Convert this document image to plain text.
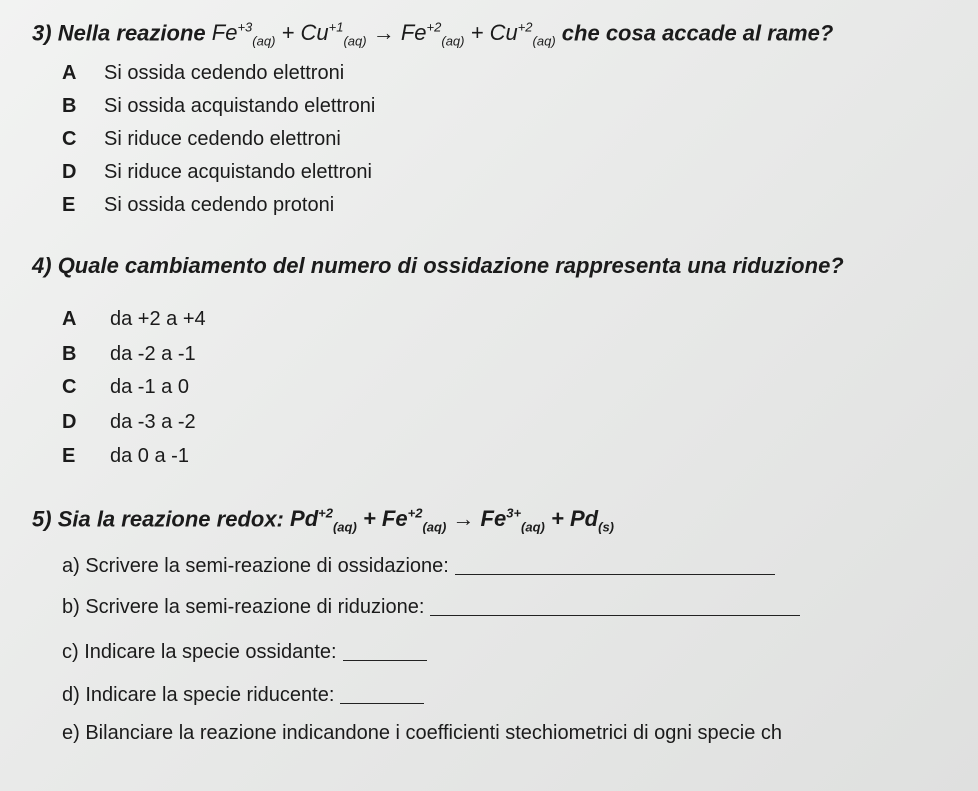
3) Nella reazione $Fe^{+3}_{(aq)} + Cu^{+1}_{(aq)} \to Fe^{+2}_{(aq)} + Cu^{+2}_{(aq)}$ che cosa accade al rame?
A	Si ossida cedendo elettroni
B	Si ossida acquistando elettroni
C	Si riduce cedendo elettroni
D	Si riduce acquistando elettroni
E	Si ossida cedendo protoni
4) Quale cambiamento del numero di ossidazione rappresenta una riduzione?
A	da +2 a +4
B	da -2 a -1
C	da -1 a 0
D	da -3 a -2
E	da 0 a -1
5) Sia la reazione redox: $Pd^{+2}_{(aq)} + Fe^{+2}_{(aq)} \to Fe^{3+}_{(aq)} + Pd_{(s)}$
a) Scrivere la semi-reazione di ossidazione:
b) Scrivere la semi-reazione di riduzione:
c) Indicare la specie ossidante:
d) Indicare la specie riducente:
e) Bilanciare la reazione indicandone i coefficienti stechiometrici di ogni specie ch
